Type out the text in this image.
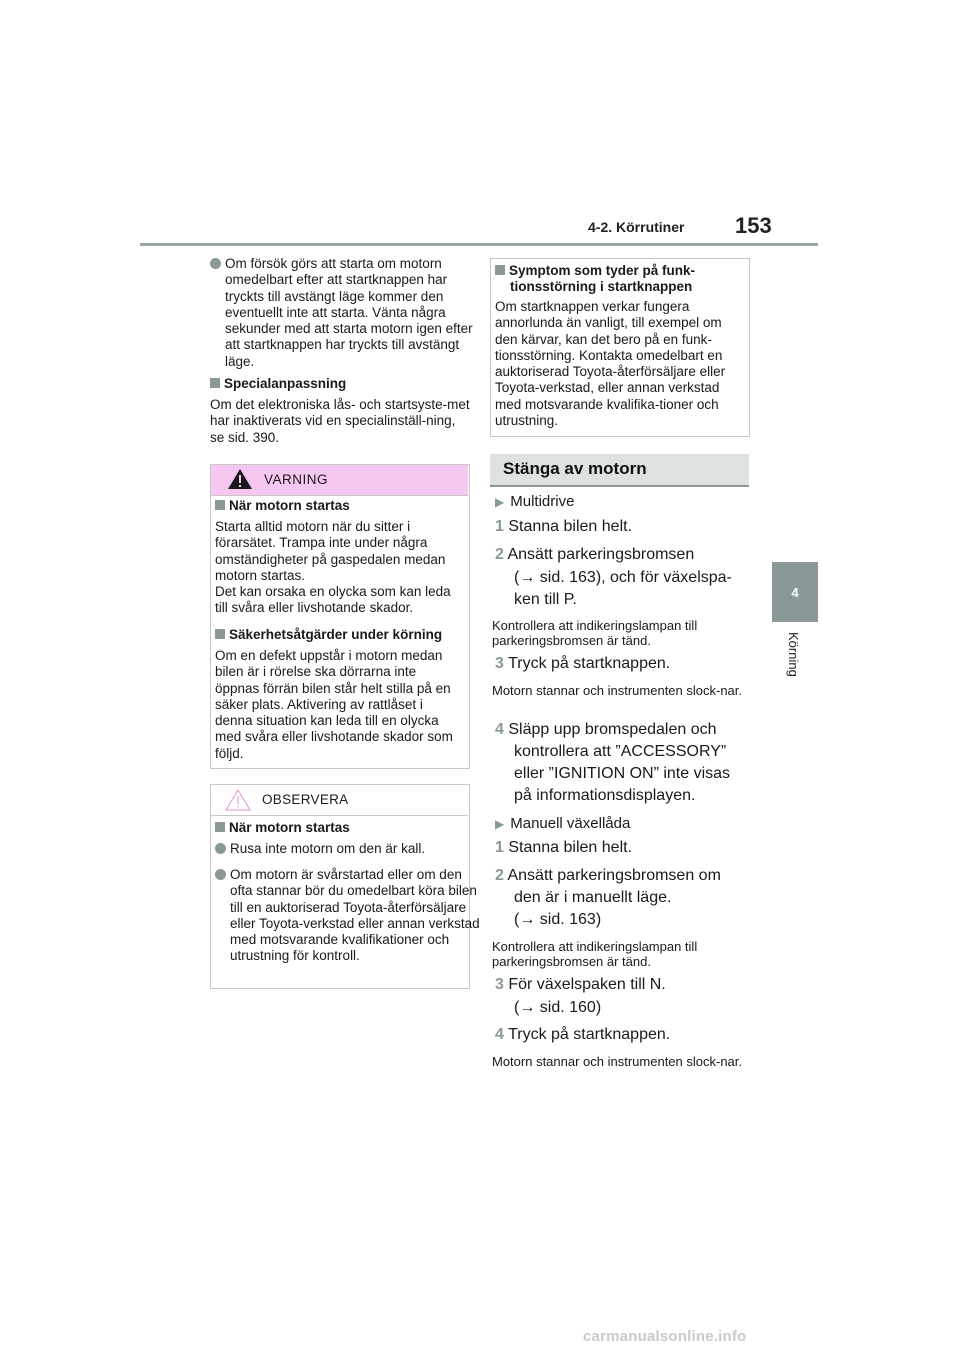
4-2. Körrutiner 153
4
Körning
Om försök görs att starta om motorn omedelbart efter att startknappen har tryckts till avstängt läge kommer den eventuellt inte att starta. Vänta några sekunder med att starta motorn igen efter att startknappen har tryckts till avstängt läge.
Specialanpassning
Om det elektroniska lås- och startsyste-met har inaktiverats vid en specialinställ-ning, se sid. 390.
VARNING
När motorn startas
Starta alltid motorn när du sitter i förarsätet. Trampa inte under några omständigheter på gaspedalen medan motorn startas.
Det kan orsaka en olycka som kan leda till svåra eller livshotande skador.
Säkerhetsåtgärder under körning
Om en defekt uppstår i motorn medan bilen är i rörelse ska dörrarna inte öppnas förrän bilen står helt stilla på en säker plats. Aktivering av rattlåset i denna situation kan leda till en olycka med svåra eller livshotande skador som följd.
OBSERVERA
När motorn startas
Rusa inte motorn om den är kall.
Om motorn är svårstartad eller om den ofta stannar bör du omedelbart köra bilen till en auktoriserad Toyota-återförsäljare eller Toyota-verkstad eller annan verkstad med motsvarande kvalifikationer och utrustning för kontroll.
Symptom som tyder på funk-tionsstörning i startknappen
Om startknappen verkar fungera annorlunda än vanligt, till exempel om den kärvar, kan det bero på en funk-tionsstörning. Kontakta omedelbart en auktoriserad Toyota-återförsäljare eller Toyota-verkstad, eller annan verkstad med motsvarande kvalifika-tioner och utrustning.
Stänga av motorn
▶ Multidrive
1 Stanna bilen helt.
2 Ansätt parkeringsbromsen
(→ sid. 163), och för växelspa-
ken till P.
Kontrollera att indikeringslampan till parkeringsbromsen är tänd.
3 Tryck på startknappen.
Motorn stannar och instrumenten slock-nar.
4 Släpp upp bromspedalen och
kontrollera att ”ACCESSORY”
eller ”IGNITION ON” inte visas
på informationsdisplayen.
▶ Manuell växellåda
1 Stanna bilen helt.
2 Ansätt parkeringsbromsen om
den är i manuellt läge.
(→ sid. 163)
Kontrollera att indikeringslampan till parkeringsbromsen är tänd.
3 För växelspaken till N.
(→ sid. 160)
4 Tryck på startknappen.
Motorn stannar och instrumenten slock-nar.
carmanualsonline.info
